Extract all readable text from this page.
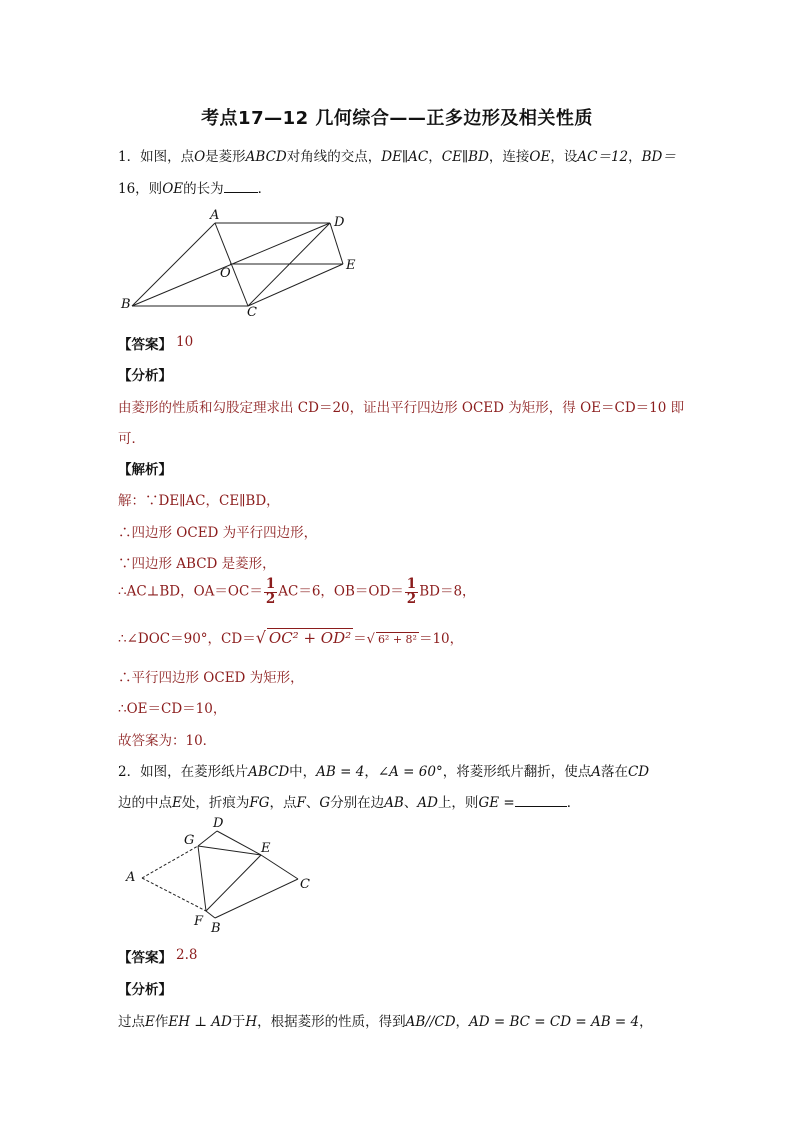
考点17—12 几何综合——正多边形及相关性质
1．如图，点O是菱形ABCD对角线的交点，DE∥AC，CE∥BD，连接OE，设AC＝12，BD＝
16，则OE的长为	．
A
B
C
D
E
O
【答案】 10
【分析】
由菱形的性质和勾股定理求出 CD＝20，证出平行四边形 OCED 为矩形，得 OE＝CD＝10 即
可．
【解析】
解：∵DE∥AC，CE∥BD，
∴四边形 OCED 为平行四边形，
∵四边形 ABCD 是菱形，
∴AC⊥BD，$OA=OC= \frac{1}{2} AC=6$，$OB=OD= \frac{1}{2} BD=8$，
∴∠DOC＝90°，CD＝√ OC² + OD² ＝√ 6² + 8² ＝10，
∴平行四边形 OCED 为矩形，
∴OE＝CD＝10，
故答案为：10．
2．如图，在菱形纸片ABCD中，AB = 4，∠A = 60°，将菱形纸片翻折，使点A落在CD
边的中点E处，折痕为FG，点F、G分别在边AB、AD上，则GE =	．
A
B
C
D
E
F
G
【答案】 2.8
【分析】
过点E作EH ⊥ AD于H，根据菱形的性质，得到AB//CD，AD = BC = CD = AB = 4，
